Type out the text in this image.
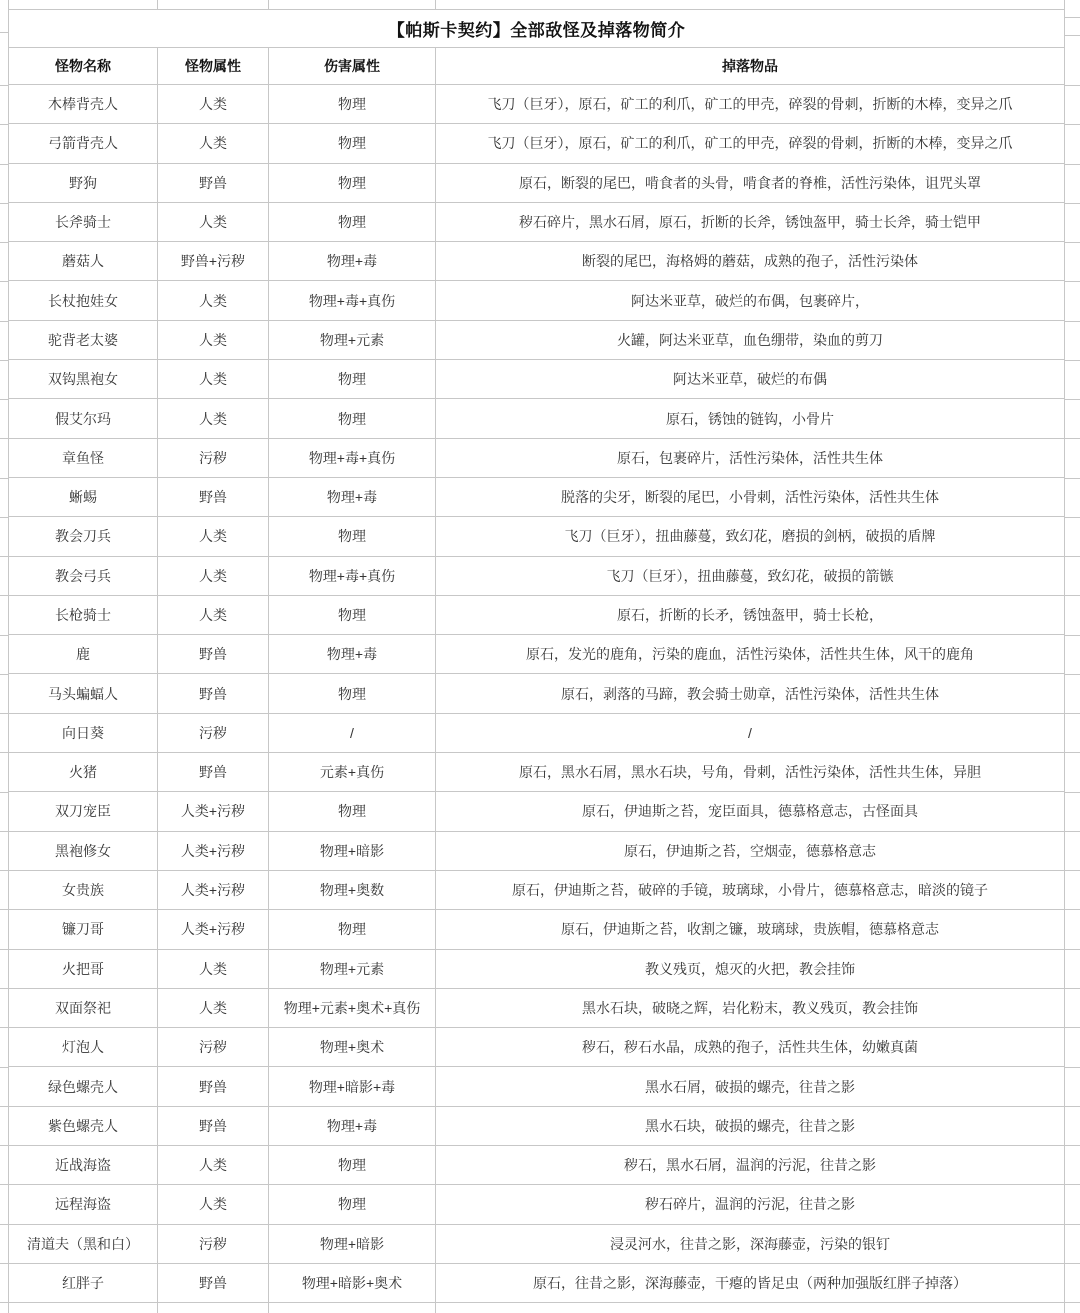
【帕斯卡契约】全部敌怪及掉落物简介			
怪物名称	怪物属性	伤害属性	掉落物品
木棒背壳人	人类	物理	飞刀（巨牙），原石，矿工的利爪，矿工的甲壳，碎裂的骨刺，折断的木棒，变异之爪
弓箭背壳人	人类	物理	飞刀（巨牙），原石，矿工的利爪，矿工的甲壳，碎裂的骨刺，折断的木棒，变异之爪
野狗	野兽	物理	原石，断裂的尾巴，啃食者的头骨，啃食者的脊椎，活性污染体，诅咒头罩
长斧骑士	人类	物理	秽石碎片，黑水石屑，原石，折断的长斧，锈蚀盔甲，骑士长斧，骑士铠甲
蘑菇人	野兽+污秽	物理+毒	断裂的尾巴，海格姆的蘑菇，成熟的孢子，活性污染体
长杖抱娃女	人类	物理+毒+真伤	阿达米亚草，破烂的布偶，包裹碎片，
驼背老太婆	人类	物理+元素	火罐，阿达米亚草，血色绷带，染血的剪刀
双钩黑袍女	人类	物理	阿达米亚草，破烂的布偶
假艾尔玛	人类	物理	原石，锈蚀的链钩，小骨片
章鱼怪	污秽	物理+毒+真伤	原石，包裹碎片，活性污染体，活性共生体
蜥蜴	野兽	物理+毒	脱落的尖牙，断裂的尾巴，小骨刺，活性污染体，活性共生体
教会刀兵	人类	物理	飞刀（巨牙），扭曲藤蔓，致幻花，磨损的剑柄，破损的盾牌
教会弓兵	人类	物理+毒+真伤	飞刀（巨牙），扭曲藤蔓，致幻花，破损的箭镞
长枪骑士	人类	物理	原石，折断的长矛，锈蚀盔甲，骑士长枪，
鹿	野兽	物理+毒	原石，发光的鹿角，污染的鹿血，活性污染体，活性共生体，风干的鹿角
马头蝙蝠人	野兽	物理	原石，剥落的马蹄，教会骑士勋章，活性污染体，活性共生体
向日葵	污秽	/	/
火猪	野兽	元素+真伤	原石，黑水石屑，黑水石块，号角，骨刺，活性污染体，活性共生体，异胆
双刀宠臣	人类+污秽	物理	原石，伊迪斯之苔，宠臣面具，德慕格意志，古怪面具
黑袍修女	人类+污秽	物理+暗影	原石，伊迪斯之苔，空烟壶，德慕格意志
女贵族	人类+污秽	物理+奥数	原石，伊迪斯之苔，破碎的手镜，玻璃球，小骨片，德慕格意志，暗淡的镜子
镰刀哥	人类+污秽	物理	原石，伊迪斯之苔，收割之镰，玻璃球，贵族帽，德慕格意志
火把哥	人类	物理+元素	教义残页，熄灭的火把，教会挂饰
双面祭祀	人类	物理+元素+奥术+真伤	黑水石块，破晓之辉，岩化粉末，教义残页，教会挂饰
灯泡人	污秽	物理+奥术	秽石，秽石水晶，成熟的孢子，活性共生体，幼嫩真菌
绿色螺壳人	野兽	物理+暗影+毒	黑水石屑，破损的螺壳，往昔之影
紫色螺壳人	野兽	物理+毒	黑水石块，破损的螺壳，往昔之影
近战海盗	人类	物理	秽石，黑水石屑，温润的污泥，往昔之影
远程海盗	人类	物理	秽石碎片，温润的污泥，往昔之影
清道夫（黑和白）	污秽	物理+暗影	浸灵河水，往昔之影，深海藤壶，污染的银钉
红胖子	野兽	物理+暗影+奥术	原石，往昔之影，深海藤壶，干瘪的皆足虫（两种加强版红胖子掉落）
